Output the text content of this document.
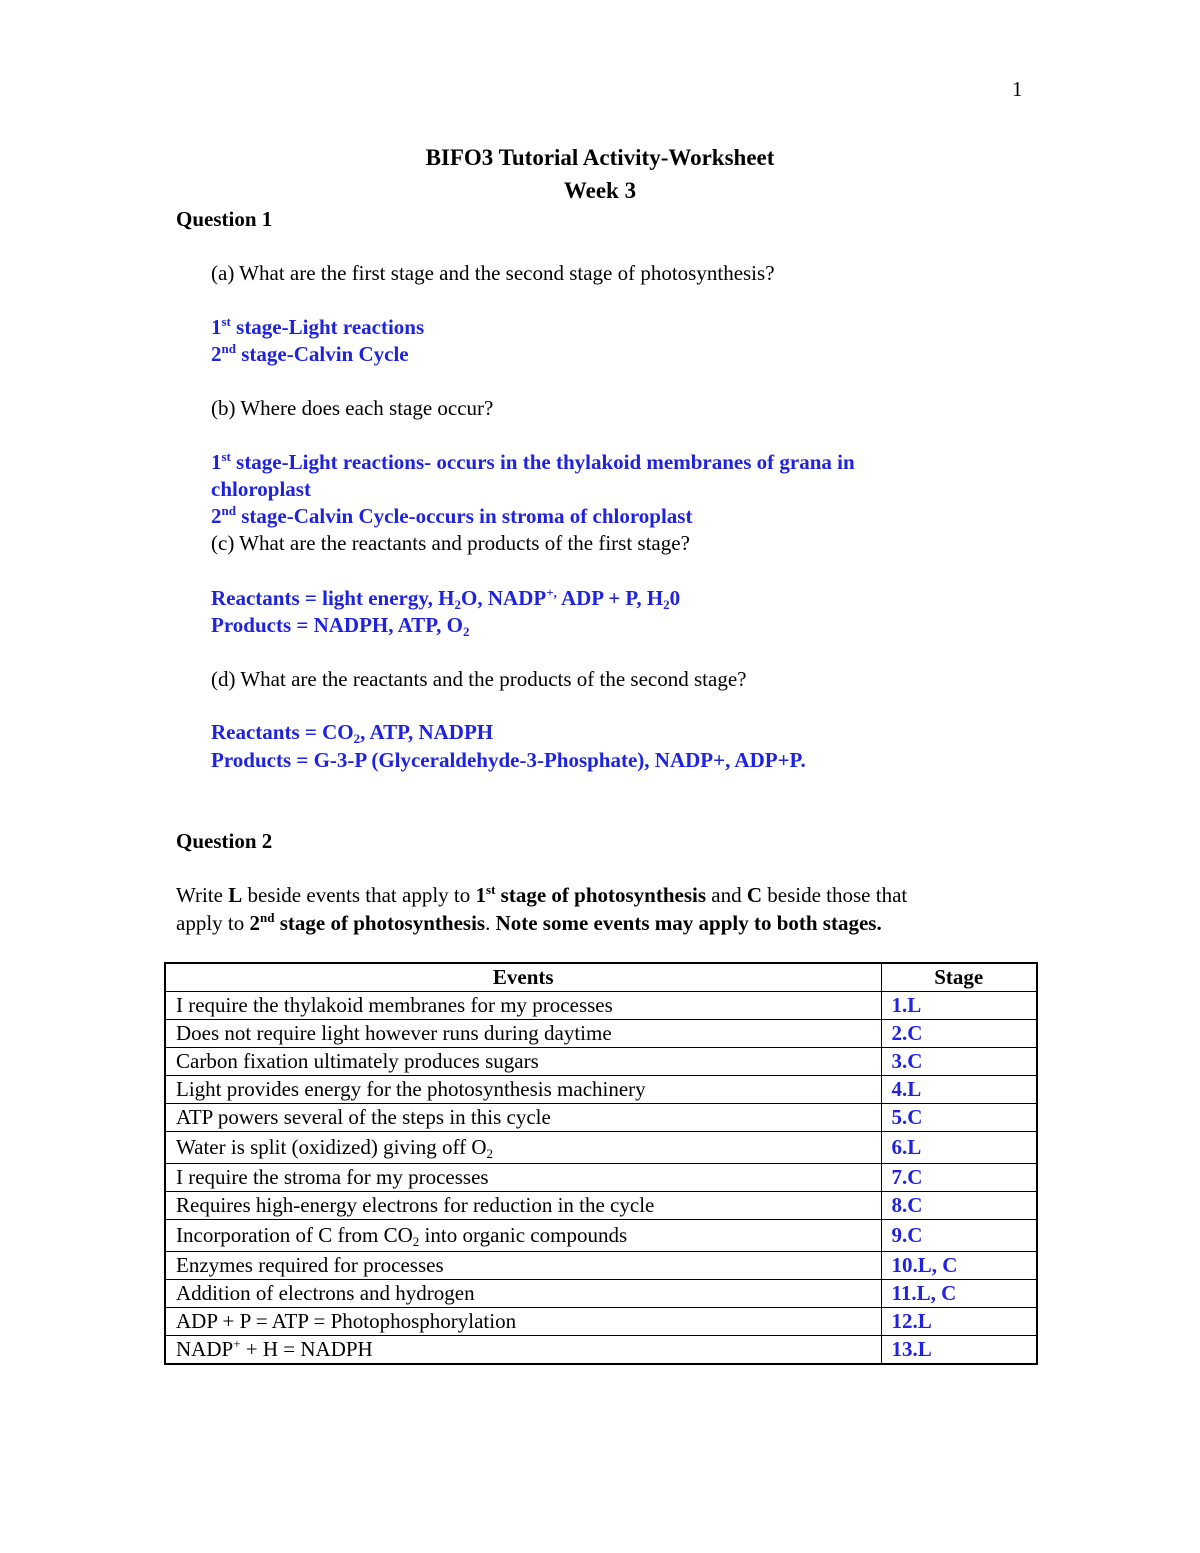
1
BIFO3 Tutorial Activity-Worksheet
Week 3
Question 1
(a) What are the first stage and the second stage of photosynthesis?
1st stage-Light reactions
2nd stage-Calvin Cycle
(b) Where does each stage occur?
1st stage-Light reactions- occurs in the thylakoid membranes of grana in
chloroplast
2nd stage-Calvin Cycle-occurs in stroma of chloroplast
(c) What are the reactants and products of the first stage?
Reactants = light energy, $H_2O$, NADP+, ADP + P, $H_20$
Products = NADPH, ATP, $O_2$
(d) What are the reactants and the products of the second stage?
Reactants = $CO_2$, ATP, NADPH
Products = G-3-P (Glyceraldehyde-3-Phosphate), NADP+, ADP+P.
Question 2
Write L beside events that apply to 1st stage of photosynthesis and C beside those that
apply to 2nd stage of photosynthesis. Note some events may apply to both stages.
Events	Stage
I require the thylakoid membranes for my processes	1.L
Does not require light however runs during daytime	2.C
Carbon fixation ultimately produces sugars	3.C
Light provides energy for the photosynthesis machinery	4.L
ATP powers several of the steps in this cycle	5.C
Water is split (oxidized) giving off $O_2$	6.L
I require the stroma for my processes	7.C
Requires high-energy electrons for reduction in the cycle	8.C
Incorporation of C from $CO_2$ into organic compounds	9.C
Enzymes required for processes	10.L, C
Addition of electrons and hydrogen	11.L, C
ADP + P = ATP = Photophosphorylation	12.L
NADP+ + H = NADPH	13.L
